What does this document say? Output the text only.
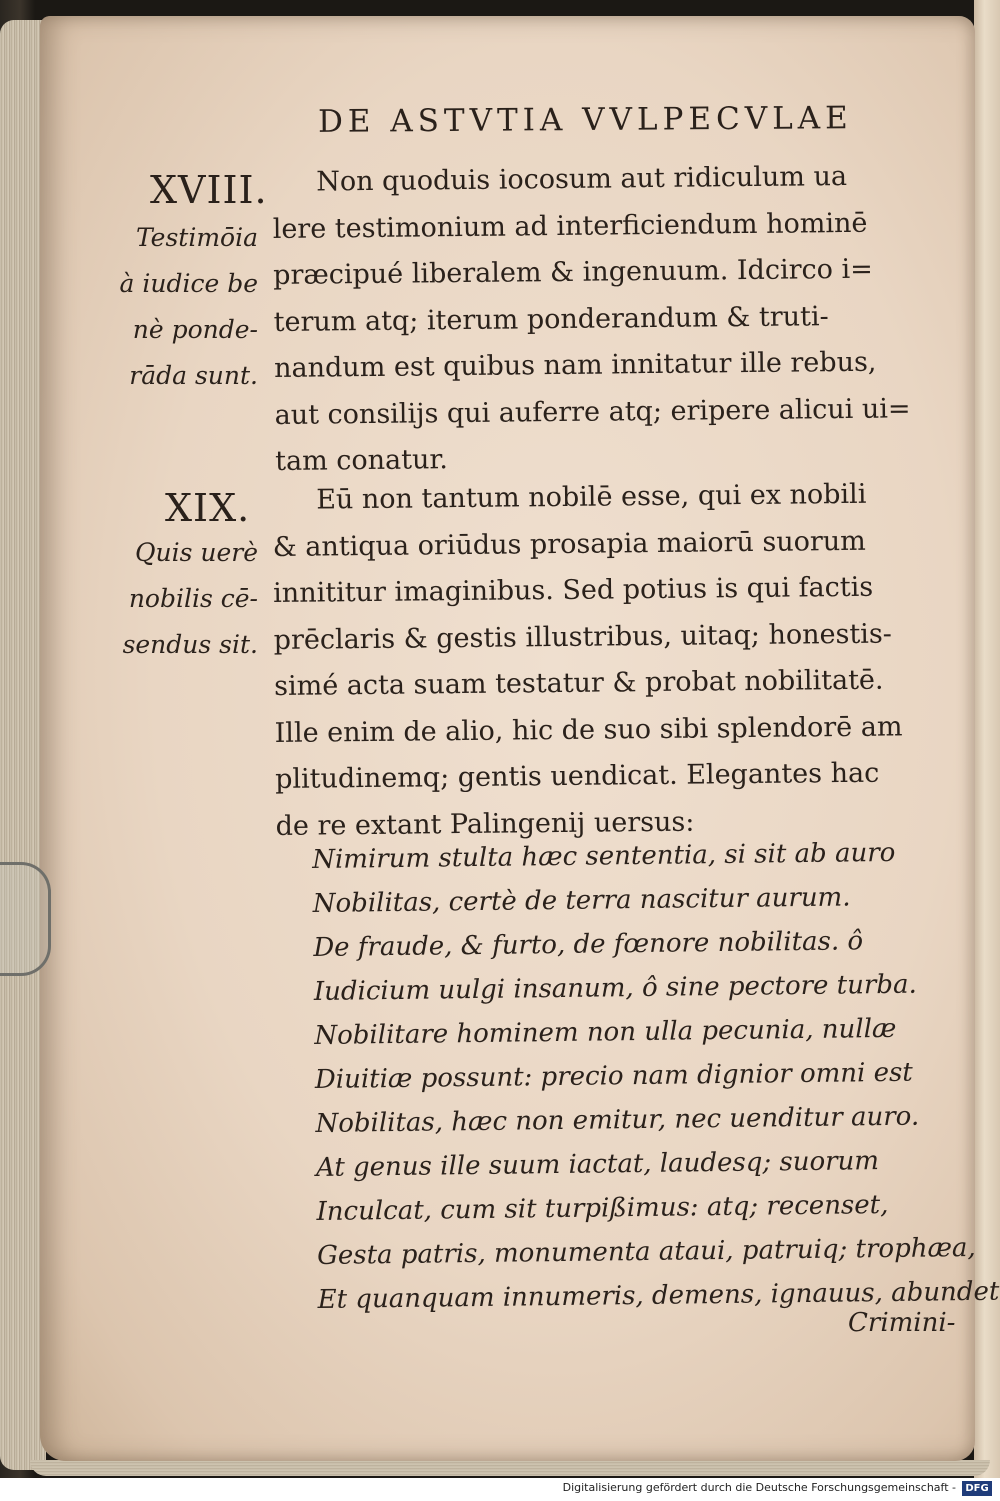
DE ASTVTIA VVLPECVLAE

XVIII.

Testimōia
à iudice be
nè ponde-
rāda sunt.
Non quoduis iocosum aut ridiculum ua
lere testimonium ad interficiendum hominē
præcipué liberalem & ingenuum. Idcirco i=
terum atq; iterum ponderandum & truti-
nandum est quibus nam innitatur ille rebus,
aut consilijs qui auferre atq; eripere alicui ui=
tam conatur.

XIX.

Quis uerè
nobilis cē-
sendus sit.
Eū non tantum nobilē esse, qui ex nobili
& antiqua oriūdus prosapia maiorū suorum
innititur imaginibus. Sed potius is qui factis
prēclaris & gestis illustribus, uitaq; honestis-
simé acta suam testatur & probat nobilitatē.
Ille enim de alio, hic de suo sibi splendorē am
plitudinemq; gentis uendicat. Elegantes hac
de re extant Palingenij uersus:
Nimirum stulta hæc sententia, si sit ab auro
Nobilitas, certè de terra nascitur aurum.
De fraude, & furto, de fœnore nobilitas. ô
Iudicium uulgi insanum, ô sine pectore turba.
Nobilitare hominem non ulla pecunia, nullæ
Diuitiæ possunt: precio nam dignior omni est
Nobilitas, hæc non emitur, nec uenditur auro.
At genus ille suum iactat, laudesq; suorum
Inculcat, cum sit turpißimus: atq; recenset,
Gesta patris, monumenta ataui, patruiq; trophæa,
Et quanquam innumeris, demens, ignauus, abundet

Crimini-

Digitalisierung gefördert durch die Deutsche Forschungsgemeinschaft - DFG
